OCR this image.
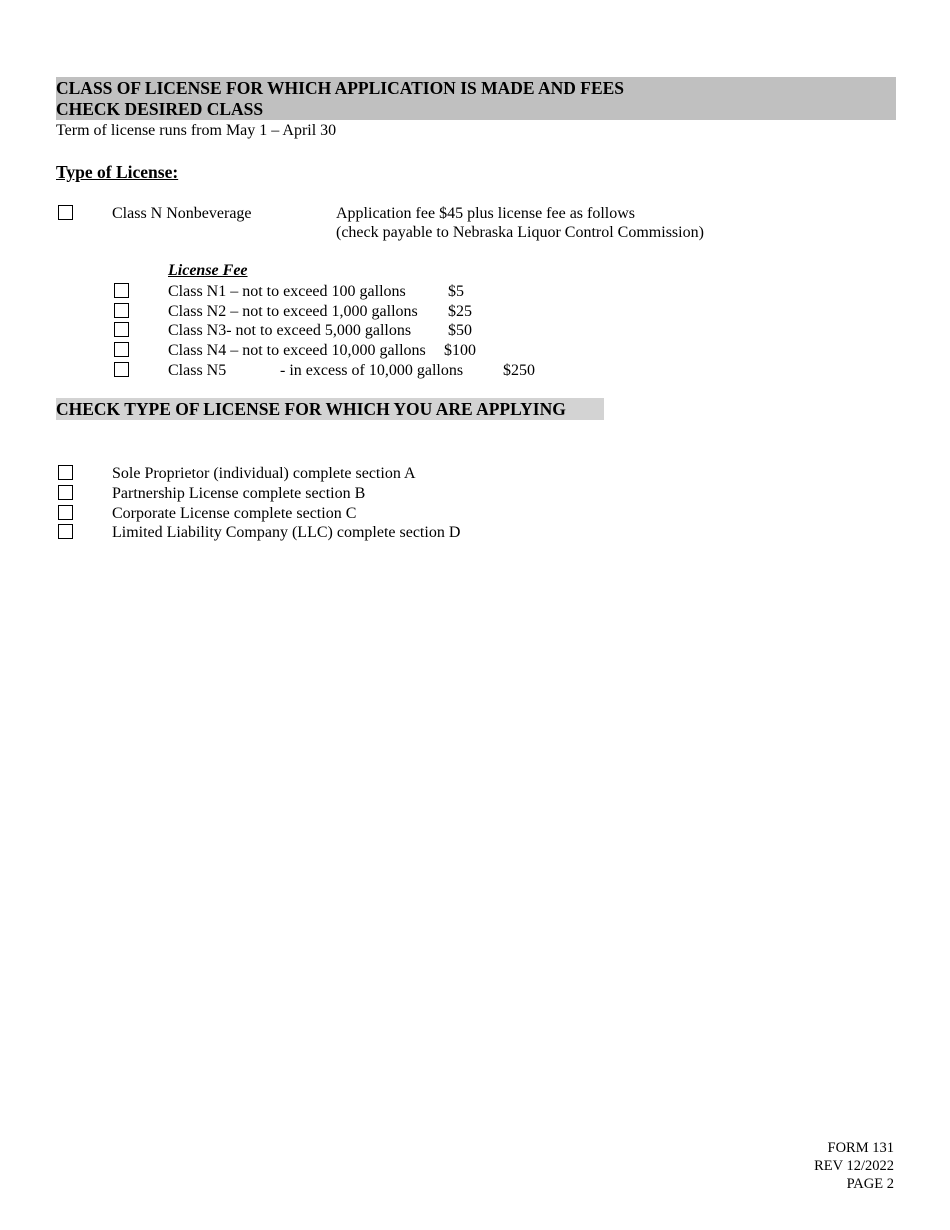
CLASS OF LICENSE FOR WHICH APPLICATION IS MADE AND FEES
CHECK DESIRED CLASS
Term of license runs from May 1 – April 30
Type of License:
Class N Nonbeverage	Application fee $45 plus license fee as follows
(check payable to Nebraska Liquor Control Commission)
License Fee
Class N1 – not to exceed 100 gallons	$5
Class N2 – not to exceed 1,000 gallons $25
Class N3- not to exceed 5,000 gallons $50
Class N4 – not to exceed 10,000 gallons $100
Class N5	- in excess of 10,000 gallons $250
CHECK TYPE OF LICENSE FOR WHICH YOU ARE APPLYING
Sole Proprietor (individual) complete section A
Partnership License complete section B
Corporate License complete section C
Limited Liability Company (LLC) complete section D
FORM 131
REV 12/2022
PAGE 2
